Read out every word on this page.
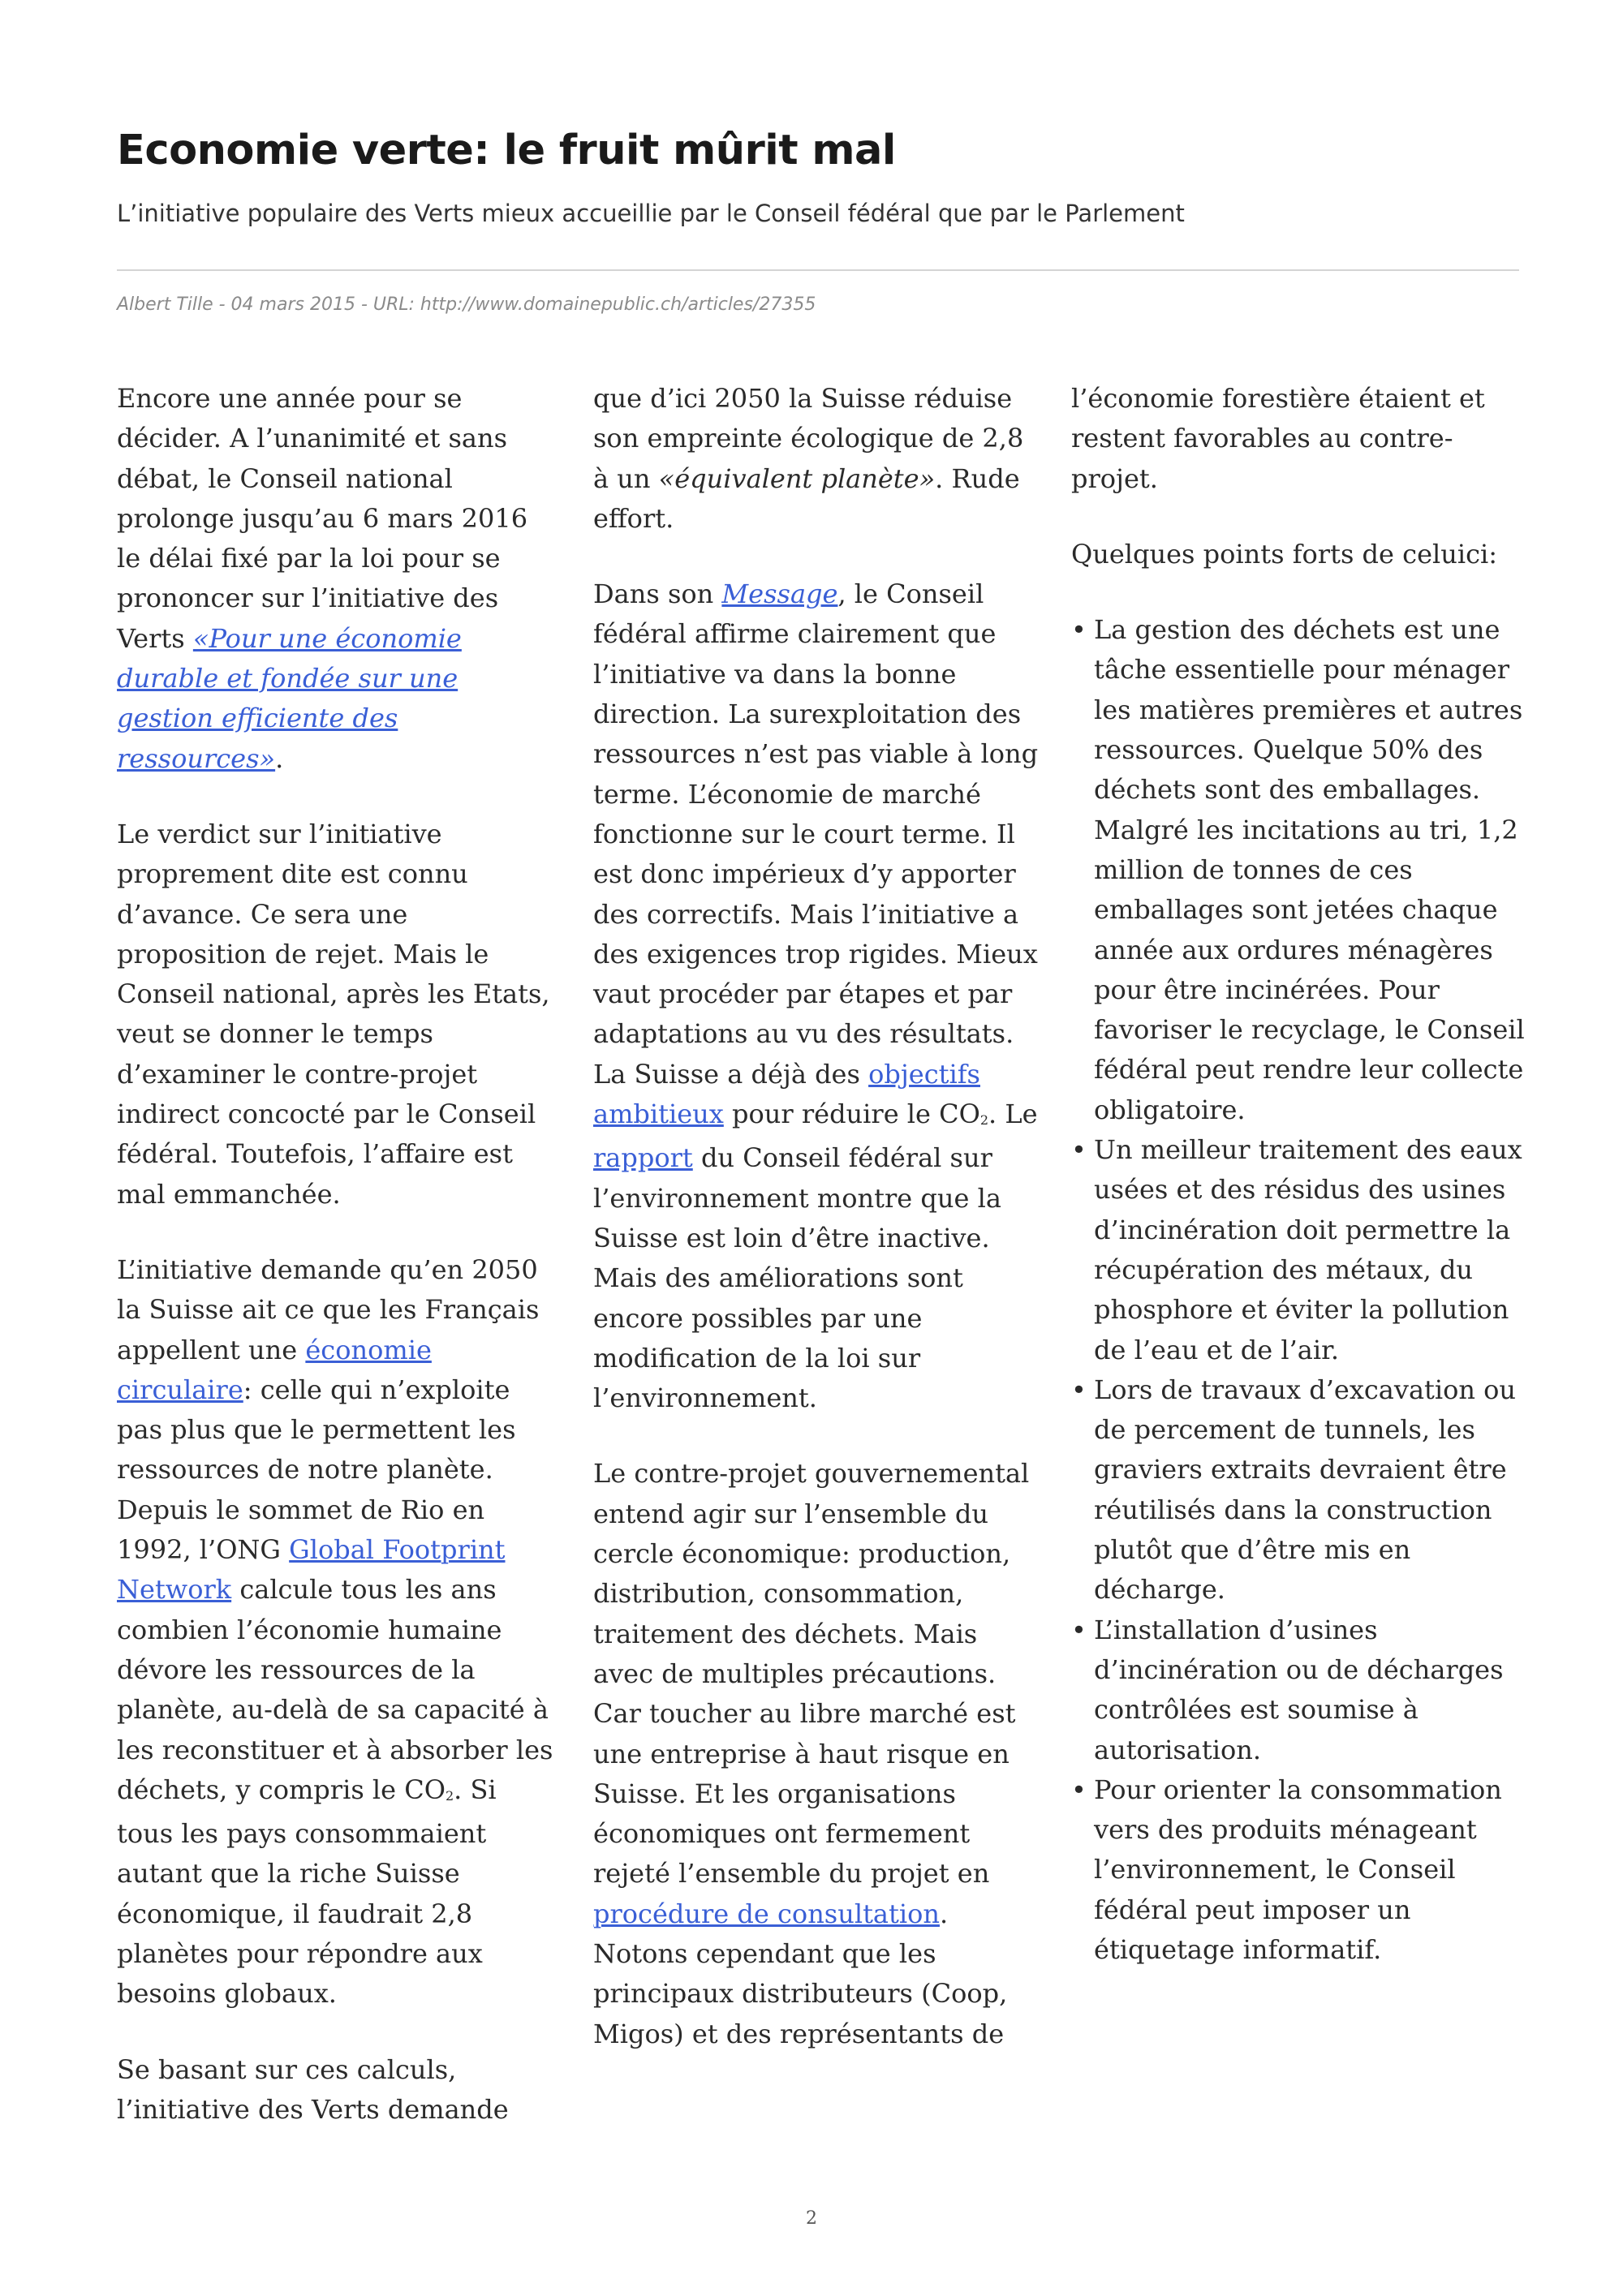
Economie verte: le fruit mûrit mal
L’initiative populaire des Verts mieux accueillie par le Conseil fédéral que par le Parlement
Albert Tille - 04 mars 2015 - URL: http://www.domainepublic.ch/articles/27355

Encore une année pour se décider. A l’unanimité et sans débat, le Conseil national prolonge jusqu’au 6 mars 2016 le délai fixé par la loi pour se prononcer sur l’initiative des Verts «Pour une économie durable et fondée sur une gestion efficiente des ressources».

Le verdict sur l’initiative proprement dite est connu d’avance. Ce sera une proposition de rejet. Mais le Conseil national, après les Etats, veut se donner le temps d’examiner le contre-projet indirect concocté par le Conseil fédéral. Toutefois, l’affaire est mal emmanchée.

L’initiative demande qu’en 2050 la Suisse ait ce que les Français appellent une économie circulaire: celle qui n’exploite pas plus que le permettent les ressources de notre planète. Depuis le sommet de Rio en 1992, l’ONG Global Footprint Network calcule tous les ans combien l’économie humaine dévore les ressources de la planète, au-delà de sa capacité à les reconstituer et à absorber les déchets, y compris le $CO_2$. Si tous les pays consommaient autant que la riche Suisse économique, il faudrait 2,8 planètes pour répondre aux besoins globaux.

Se basant sur ces calculs, l’initiative des Verts demande

que d’ici 2050 la Suisse réduise son empreinte écologique de 2,8 à un «équivalent planète». Rude effort.

Dans son Message, le Conseil fédéral affirme clairement que l’initiative va dans la bonne direction. La surexploitation des ressources n’est pas viable à long terme. L’économie de marché fonctionne sur le court terme. Il est donc impérieux d’y apporter des correctifs. Mais l’initiative a des exigences trop rigides. Mieux vaut procéder par étapes et par adaptations au vu des résultats. La Suisse a déjà des objectifs ambitieux pour réduire le $CO_2$. Le rapport du Conseil fédéral sur l’environnement montre que la Suisse est loin d’être inactive. Mais des améliorations sont encore possibles par une modification de la loi sur l’environnement.

Le contre-projet gouvernemental entend agir sur l’ensemble du cercle économique: production, distribution, consommation, traitement des déchets. Mais avec de multiples précautions. Car toucher au libre marché est une entreprise à haut risque en Suisse. Et les organisations économiques ont fermement rejeté l’ensemble du projet en procédure de consultation. Notons cependant que les principaux distributeurs (Coop, Migos) et des représentants de

l’économie forestière étaient et restent favorables au contre-projet.

Quelques points forts de celuici:

• La gestion des déchets est une tâche essentielle pour ménager les matières premières et autres ressources. Quelque 50% des déchets sont des emballages. Malgré les incitations au tri, 1,2 million de tonnes de ces emballages sont jetées chaque année aux ordures ménagères pour être incinérées. Pour favoriser le recyclage, le Conseil fédéral peut rendre leur collecte obligatoire.
• Un meilleur traitement des eaux usées et des résidus des usines d’incinération doit permettre la récupération des métaux, du phosphore et éviter la pollution de l’eau et de l’air.
• Lors de travaux d’excavation ou de percement de tunnels, les graviers extraits devraient être réutilisés dans la construction plutôt que d’être mis en décharge.
• L’installation d’usines d’incinération ou de décharges contrôlées est soumise à autorisation.
• Pour orienter la consommation vers des produits ménageant l’environnement, le Conseil fédéral peut imposer un étiquetage informatif.
2
